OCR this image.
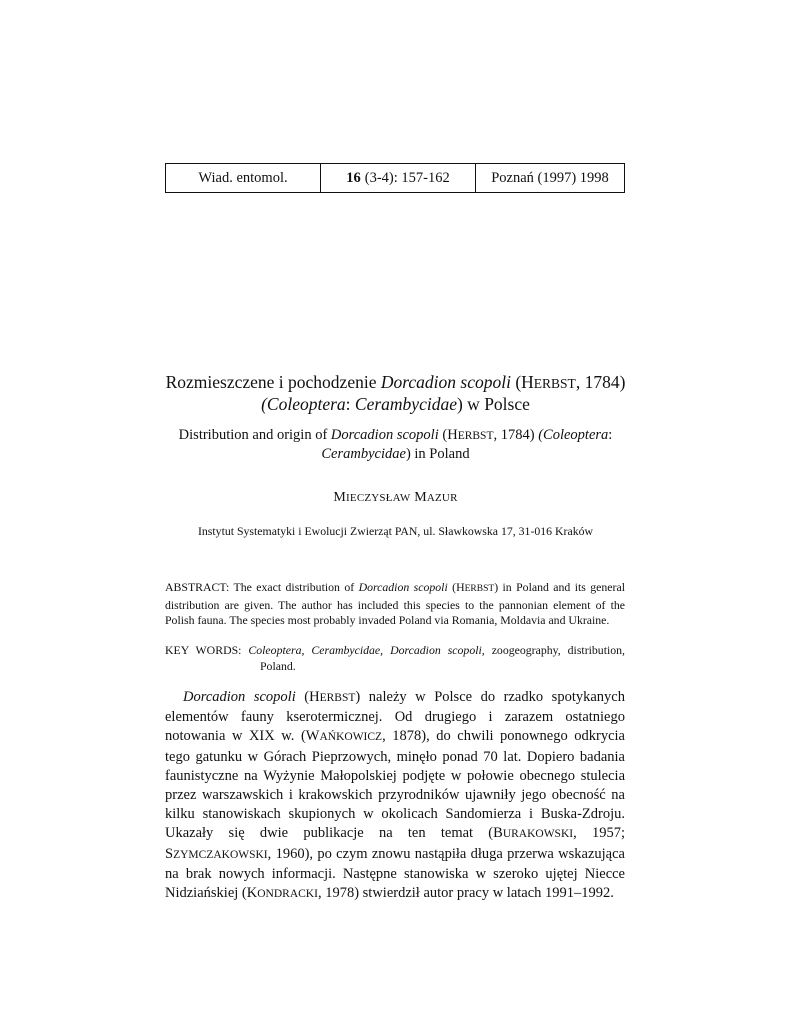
Wiad. entomol.	16 (3-4): 157-162	Poznań (1997) 1998
Rozmieszczene i pochodzenie Dorcadion scopoli (HERBST, 1784)
(Coleoptera: Cerambycidae) w Polsce
Distribution and origin of Dorcadion scopoli (HERBST, 1784) (Coleoptera:
Cerambycidae) in Poland
MIECZYSŁAW MAZUR
Instytut Systematyki i Ewolucji Zwierząt PAN, ul. Sławkowska 17, 31-016 Kraków
ABSTRACT: The exact distribution of Dorcadion scopoli (HERBST) in Poland and its general distribution are given. The author has included this species to the pannonian element of the Polish fauna. The species most probably invaded Poland via Romania, Moldavia and Ukraine.
KEY WORDS: Coleoptera, Cerambycidae, Dorcadion scopoli, zoogeography, distribution, Poland.
Dorcadion scopoli (HERBST) należy w Polsce do rzadko spotykanych elementów fauny kserotermicznej. Od drugiego i zarazem ostatniego notowania w XIX w. (WAŃKOWICZ, 1878), do chwili ponownego odkrycia tego gatunku w Górach Pieprzowych, minęło ponad 70 lat. Dopiero badania faunistyczne na Wyżynie Małopolskiej podjęte w połowie obecnego stulecia przez warszawskich i krakowskich przyrodników ujawniły jego obecność na kilku stanowiskach skupionych w okolicach Sandomierza i Buska-Zdroju. Ukazały się dwie publikacje na ten temat (BURAKOWSKI, 1957; SZYMCZAKOWSKI, 1960), po czym znowu nastąpiła długa przerwa wskazująca na brak nowych informacji. Następne stanowiska w szeroko ujętej Niecce Nidziańskiej (KONDRACKI, 1978) stwierdził autor pracy w latach 1991–1992.
